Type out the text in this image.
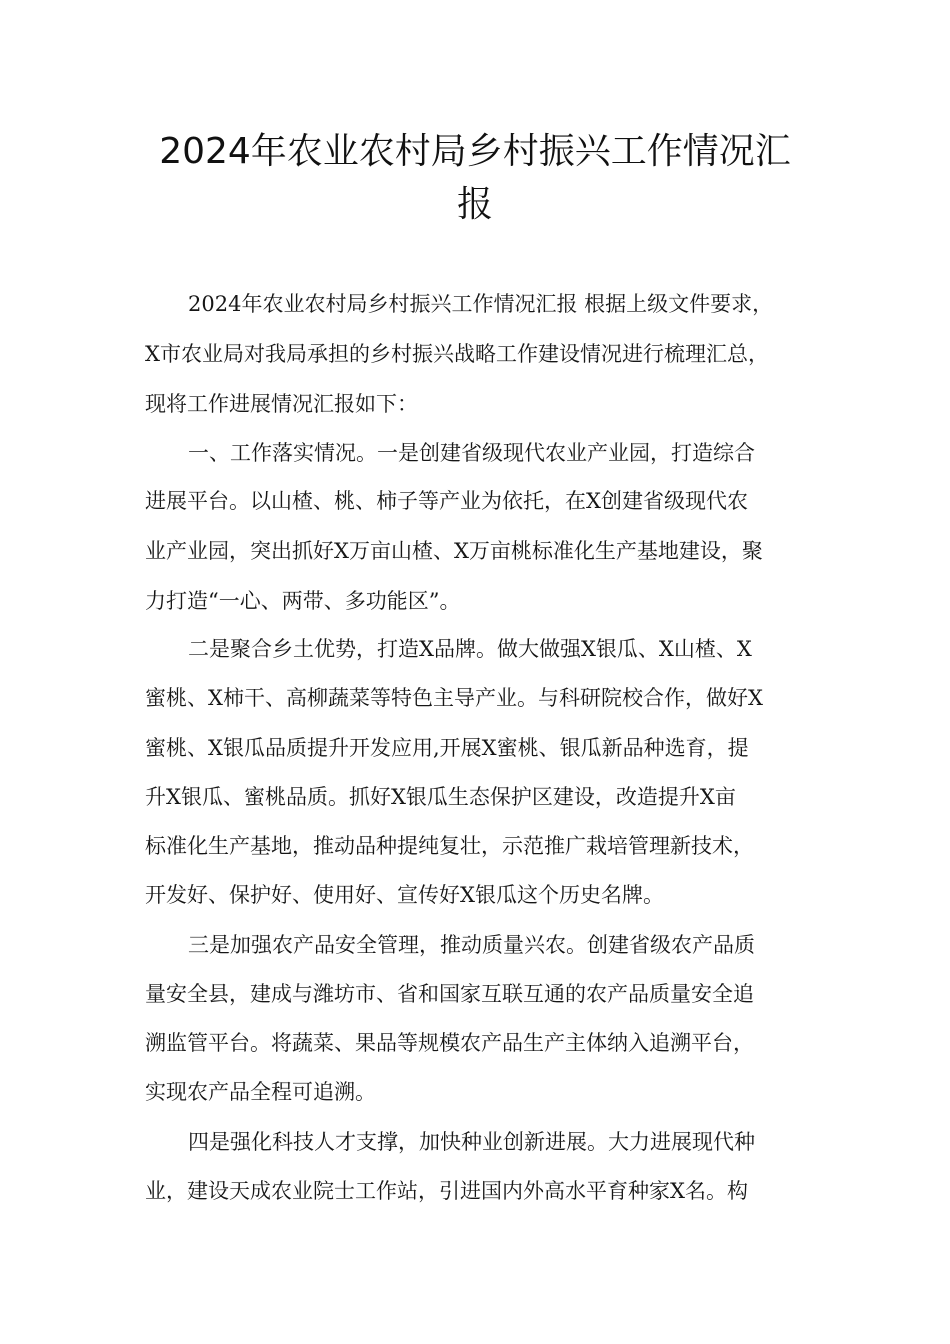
2024年农业农村局乡村振兴工作情况汇
报
2024年农业农村局乡村振兴工作情况汇报 根据上级文件要求，
X市农业局对我局承担的乡村振兴战略工作建设情况进行梳理汇总，
现将工作进展情况汇报如下：
一、工作落实情况。一是创建省级现代农业产业园，打造综合
进展平台。以山楂、桃、柿子等产业为依托，在X创建省级现代农
业产业园，突出抓好X万亩山楂、X万亩桃标准化生产基地建设，聚
力打造“一心、两带、多功能区”。
二是聚合乡土优势，打造X品牌。做大做强X银瓜、X山楂、X
蜜桃、X柿干、高柳蔬菜等特色主导产业。与科研院校合作，做好X
蜜桃、X银瓜品质提升开发应用,开展X蜜桃、银瓜新品种选育，提
升X银瓜、蜜桃品质。抓好X银瓜生态保护区建设，改造提升X亩
标准化生产基地，推动品种提纯复壮，示范推广栽培管理新技术，
开发好、保护好、使用好、宣传好X银瓜这个历史名牌。
三是加强农产品安全管理，推动质量兴农。创建省级农产品质
量安全县，建成与潍坊市、省和国家互联互通的农产品质量安全追
溯监管平台。将蔬菜、果品等规模农产品生产主体纳入追溯平台，
实现农产品全程可追溯。
四是强化科技人才支撑，加快种业创新进展。大力进展现代种
业，建设天成农业院士工作站，引进国内外高水平育种家X名。构
